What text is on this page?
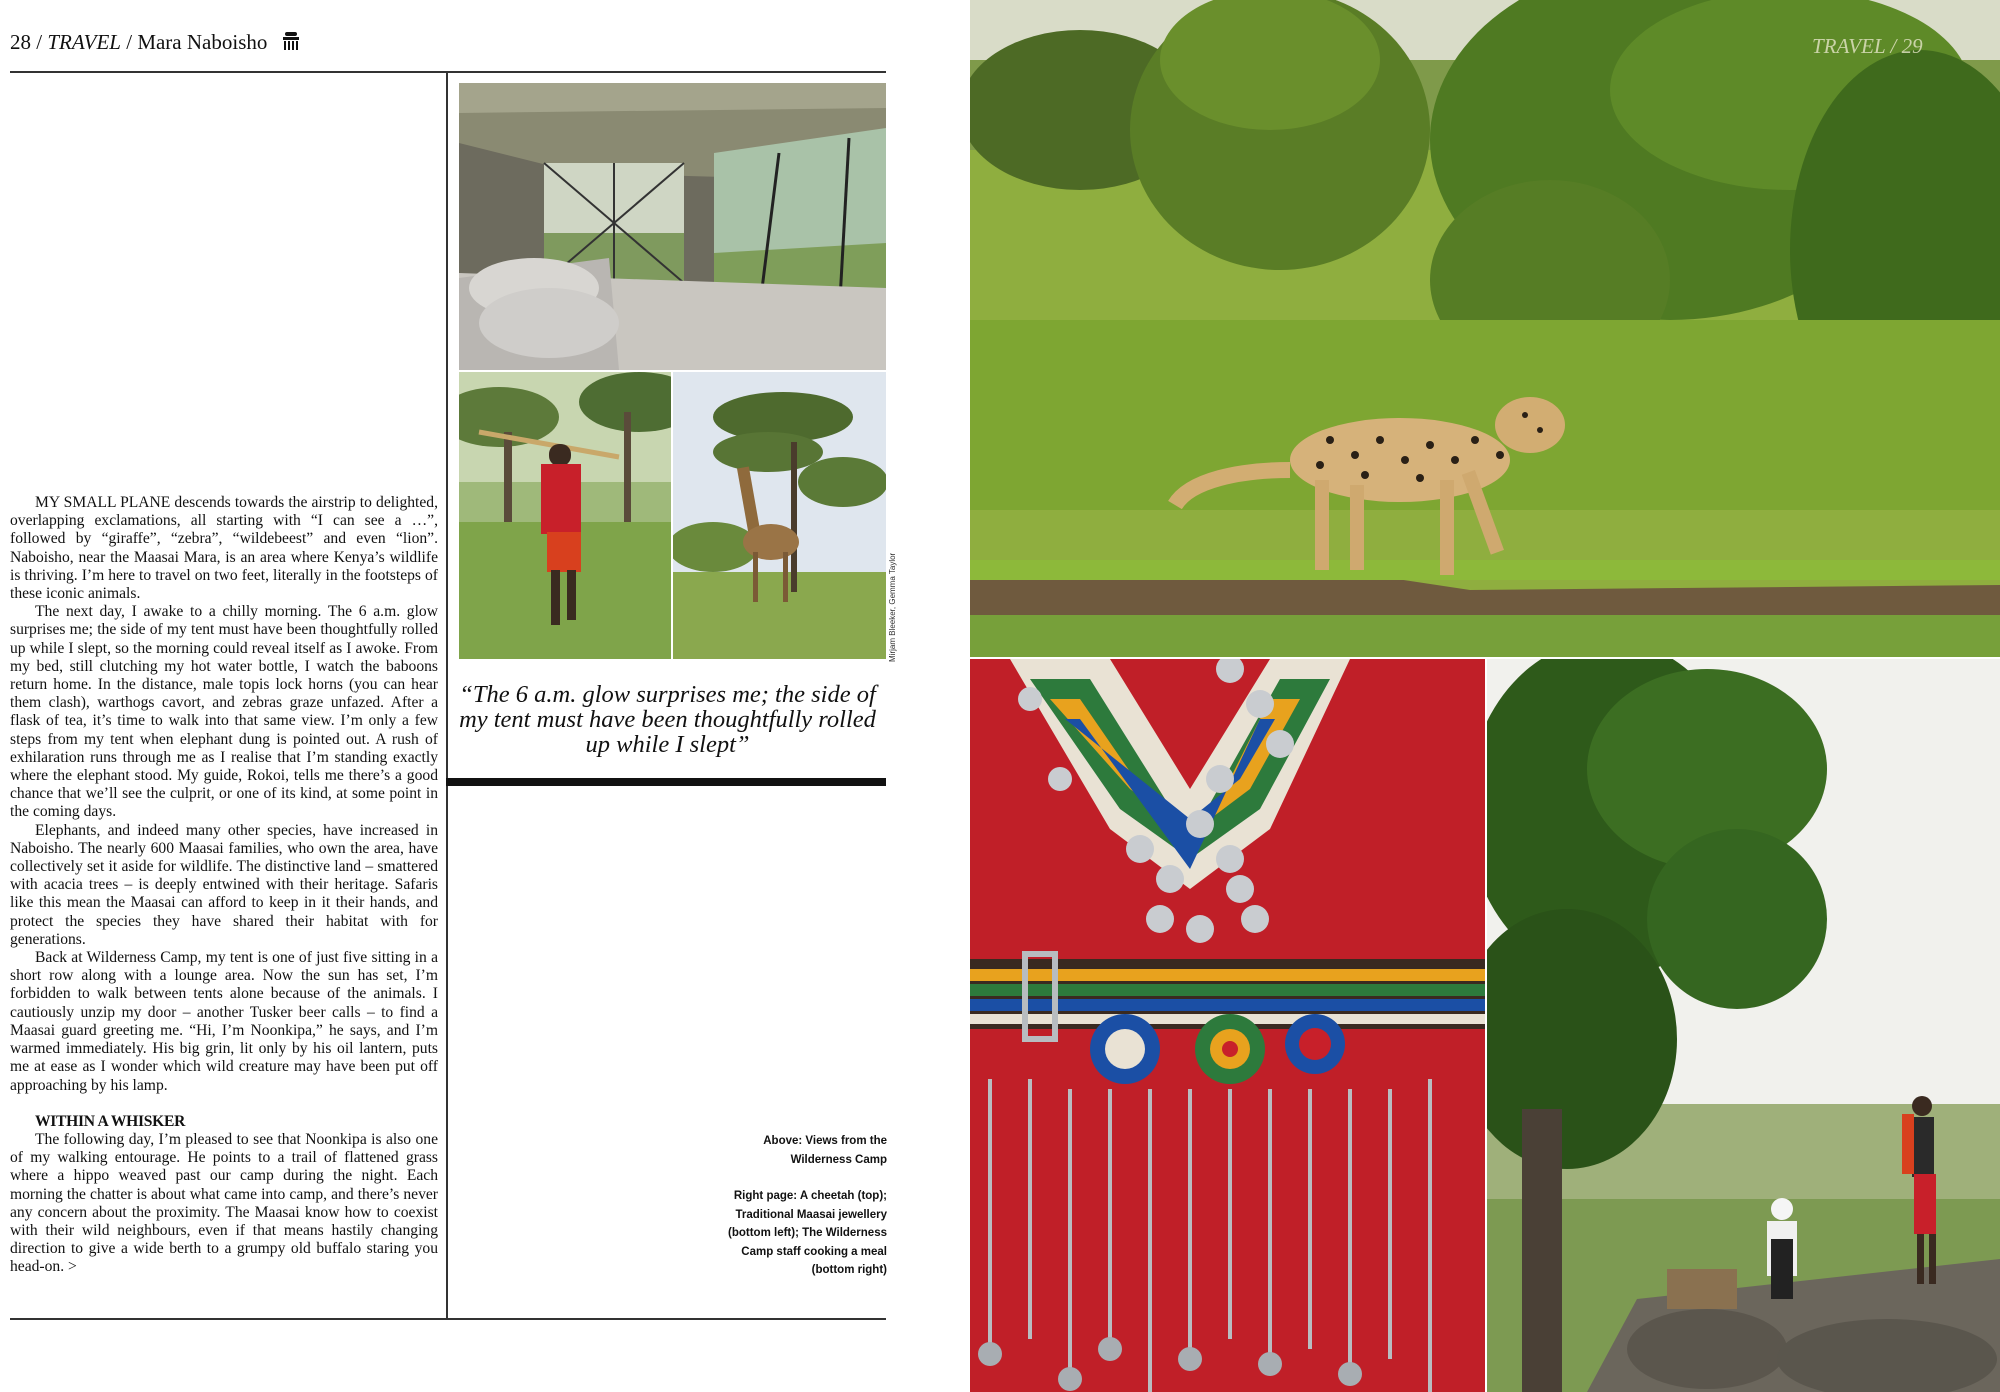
28 / TRAVEL / Mara Naboisho

MY SMALL PLANE descends towards the airstrip to delighted, overlapping exclamations, all starting with “I can see a …”, followed by “giraffe”, “zebra”, “wildebeest” and even “lion”. Naboisho, near the Maasai Mara, is an area where Kenya’s wildlife is thriving. I’m here to travel on two feet, literally in the footsteps of these iconic animals.

The next day, I awake to a chilly morning. The 6 a.m. glow surprises me; the side of my tent must have been thoughtfully rolled up while I slept, so the morning could reveal itself as I awoke. From my bed, still clutching my hot water bottle, I watch the baboons return home. In the distance, male topis lock horns (you can hear them clash), warthogs cavort, and zebras graze unfazed. After a flask of tea, it’s time to walk into that same view. I’m only a few steps from my tent when elephant dung is pointed out. A rush of exhilaration runs through me as I realise that I’m standing exactly where the elephant stood. My guide, Rokoi, tells me there’s a good chance that we’ll see the culprit, or one of its kind, at some point in the coming days.

Elephants, and indeed many other species, have increased in Naboisho. The nearly 600 Maasai families, who own the area, have collectively set it aside for wildlife. The distinctive land – smattered with acacia trees – is deeply entwined with their heritage. Safaris like this mean the Maasai can afford to keep in it their hands, and protect the species they have shared their habitat with for generations.

Back at Wilderness Camp, my tent is one of just five sitting in a short row along with a lounge area. Now the sun has set, I’m forbidden to walk between tents alone because of the animals. I cautiously unzip my door – another Tusker beer calls – to find a Maasai guard greeting me. “Hi, I’m Noonkipa,” he says, and I’m warmed immediately. His big grin, lit only by his oil lantern, puts me at ease as I wonder which wild creature may have been put off approaching by his lamp.

WITHIN A WHISKER

The following day, I’m pleased to see that Noonkipa is also one of my walking entourage. He points to a trail of flattened grass where a hippo weaved past our camp during the night. Each morning the chatter is about what came into camp, and there’s never any concern about the proximity. The Maasai know how to coexist with their wild neighbours, even if that means hastily changing direction to give a wide berth to a grumpy old buffalo staring you head-on. >

Mirjam Bleeker, Gemma Taylor
“The 6 a.m. glow surprises me; the side of my tent must have been thoughtfully rolled up while I slept”

Above: Views from the Wilderness Camp

Right page: A cheetah (top); Traditional Maasai jewellery (bottom left); The Wilderness Camp staff cooking a meal (bottom right)

TRAVEL / 29
